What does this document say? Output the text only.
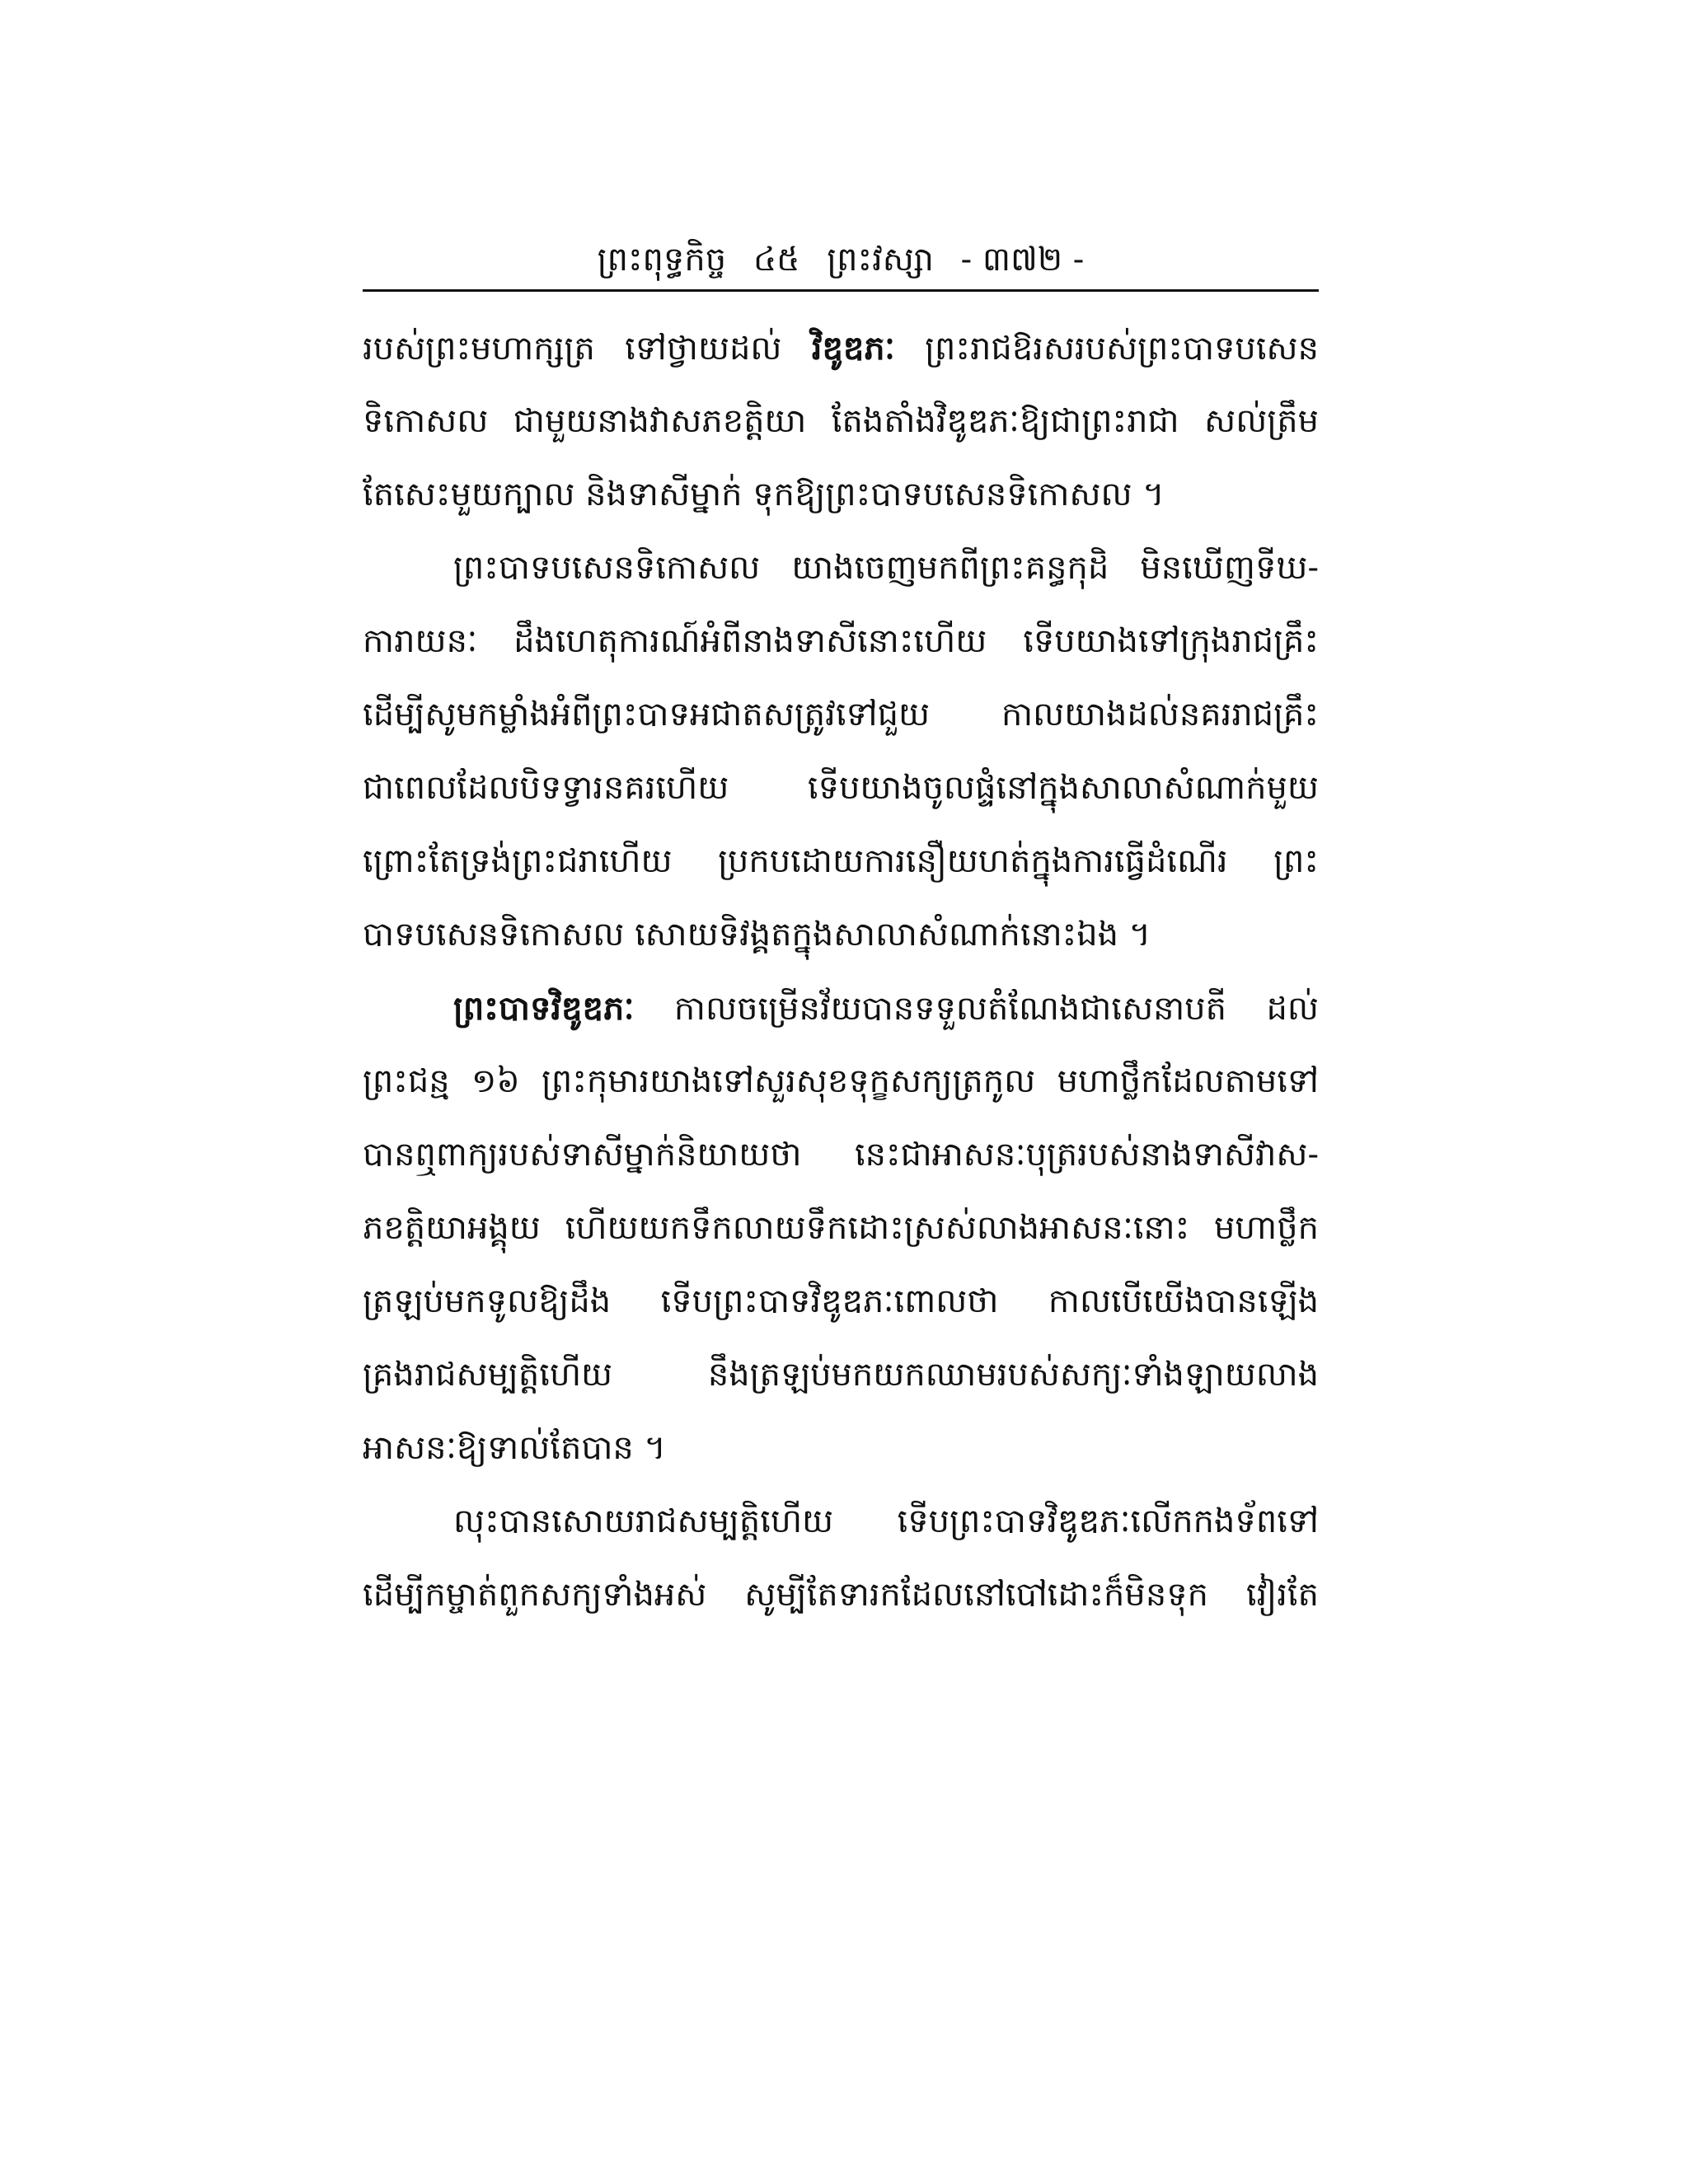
ព្រះពុទ្ធកិច្ច ៤៥ ព្រះវស្សា - ៣៧២ -
របស់ព្រះមហាក្សត្រ ទៅថ្វាយដល់ វិឌូឌភៈ ព្រះរាជឱរសរបស់ព្រះបាទបសេន
ទិកោសល ជាមួយនាងវាសភខត្តិយា តែងតាំងវិឌូឌភៈឱ្យជាព្រះរាជា សល់ត្រឹម
តែសេះមួយក្បាល និងទាសីម្នាក់ ទុកឱ្យព្រះបាទបសេនទិកោសល ។
ព្រះបាទបសេនទិកោសល យាងចេញមកពីព្រះគន្ធកុដិ មិនឃើញទីឃ-
ការាយនៈ ដឹងហេតុការណ៍អំពីនាងទាសីនោះហើយ ទើបយាងទៅក្រុងរាជគ្រឹះ
ដើម្បីសូមកម្លាំងអំពីព្រះបាទអជាតសត្រូវទៅជួយ កាលយាងដល់នគររាជគ្រឹះ
ជាពេលដែលបិទទ្វារនគរហើយ ទើបយាងចូលផ្ទំនៅក្នុងសាលាសំណាក់មួយ
ព្រោះតែទ្រង់ព្រះជរាហើយ ប្រកបដោយការនឿយហត់ក្នុងការធ្វើដំណើរ ព្រះ
បាទបសេនទិកោសល សោយទិវង្គតក្នុងសាលាសំណាក់នោះឯង ។
ព្រះបាទវិឌូឌភៈ កាលចម្រើនវ័យបានទទួលតំណែងជាសេនាបតី ដល់
ព្រះជន្ម ១៦ ព្រះកុមារយាងទៅសួរសុខទុក្ខសក្យត្រកូល មហាថ្លឹកដែលតាមទៅ
បានឮពាក្យរបស់ទាសីម្នាក់និយាយថា នេះជាអាសនៈបុត្ររបស់នាងទាសីវាស-
ភខត្តិយាអង្គុយ ហើយយកទឹកលាយទឹកដោះស្រស់លាងអាសនៈនោះ មហាថ្លឹក
ត្រឡប់មកទូលឱ្យដឹង ទើបព្រះបាទវិឌូឌភៈពោលថា កាលបើយើងបានឡើង
គ្រងរាជសម្បត្តិហើយ នឹងត្រឡប់មកយកឈាមរបស់សក្យៈទាំងឡាយលាង
អាសនៈឱ្យទាល់តែបាន ។
លុះបានសោយរាជសម្បត្តិហើយ ទើបព្រះបាទវិឌូឌភៈលើកកងទ័ពទៅ
ដើម្បីកម្ចាត់ពួកសក្យទាំងអស់ សូម្បីតែទារកដែលនៅបៅដោះក៏មិនទុក វៀរតែ
